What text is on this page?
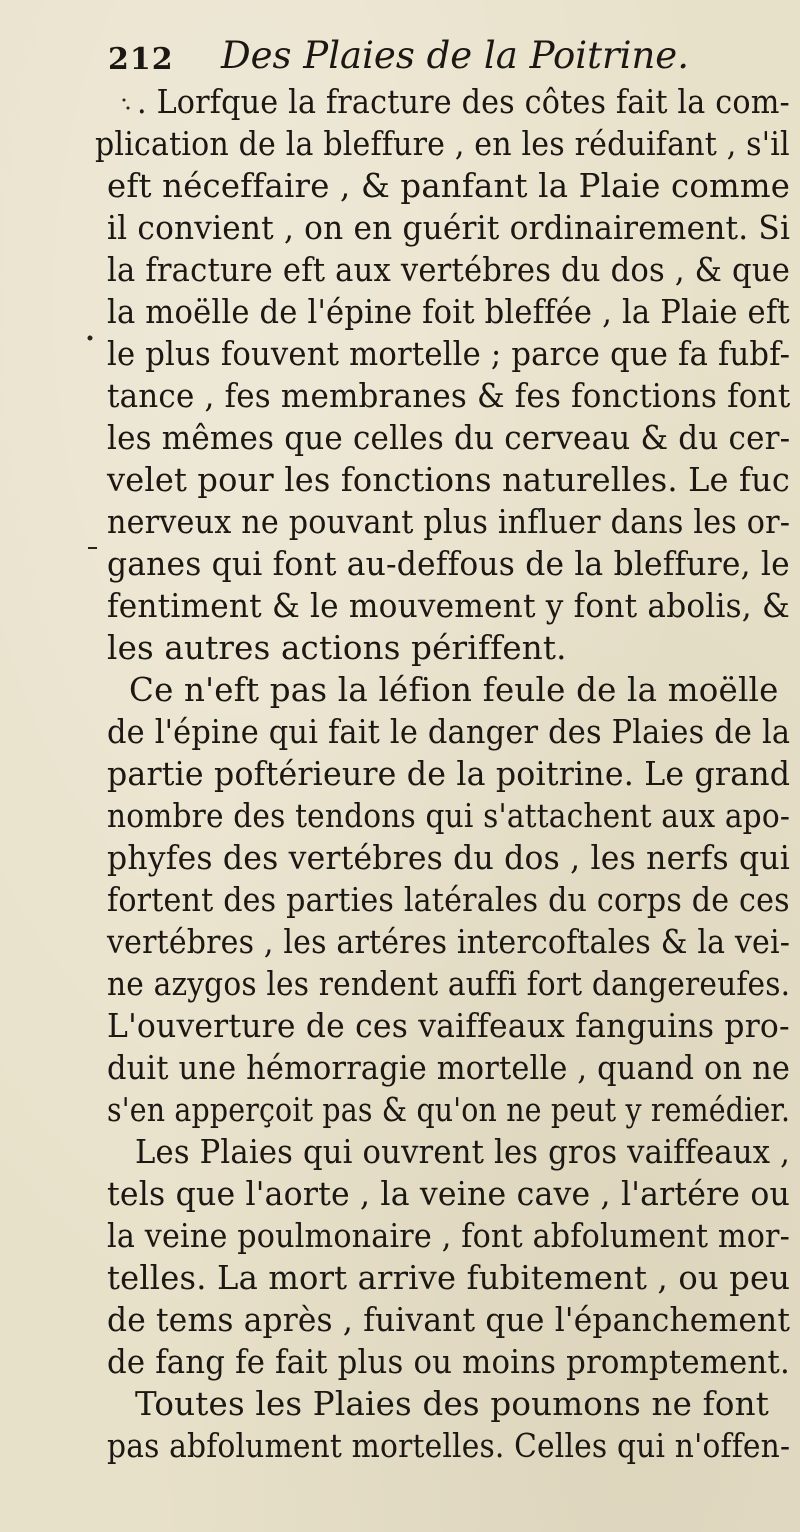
212 Des Plaies de la Poitrine.
. Lorfque la fracture des côtes fait la com-
plication de la bleffure , en les réduifant , s'il
eft néceffaire , & panfant la Plaie comme
il convient , on en guérit ordinairement. Si
la fracture eft aux vertébres du dos , & que
la moëlle de l'épine foit bleffée , la Plaie eft
le plus fouvent mortelle ; parce que fa fubf-
tance , fes membranes & fes fonctions font
les mêmes que celles du cerveau & du cer-
velet pour les fonctions naturelles. Le fuc
nerveux ne pouvant plus influer dans les or-
ganes qui font au-deffous de la bleffure, le
fentiment & le mouvement y font abolis, &
les autres actions périffent.
Ce n'eft pas la léfion feule de la moëlle
de l'épine qui fait le danger des Plaies de la
partie poftérieure de la poitrine. Le grand
nombre des tendons qui s'attachent aux apo-
phyfes des vertébres du dos , les nerfs qui
fortent des parties latérales du corps de ces
vertébres , les artéres intercoftales & la vei-
ne azygos les rendent auffi fort dangereufes.
L'ouverture de ces vaiffeaux fanguins pro-
duit une hémorragie mortelle , quand on ne
s'en apperçoit pas & qu'on ne peut y remédier.
Les Plaies qui ouvrent les gros vaiffeaux ,
tels que l'aorte , la veine cave , l'artére ou
la veine poulmonaire , font abfolument mor-
telles. La mort arrive fubitement , ou peu
de tems après , fuivant que l'épanchement
de fang fe fait plus ou moins promptement.
Toutes les Plaies des poumons ne font
pas abfolument mortelles. Celles qui n'offen-
